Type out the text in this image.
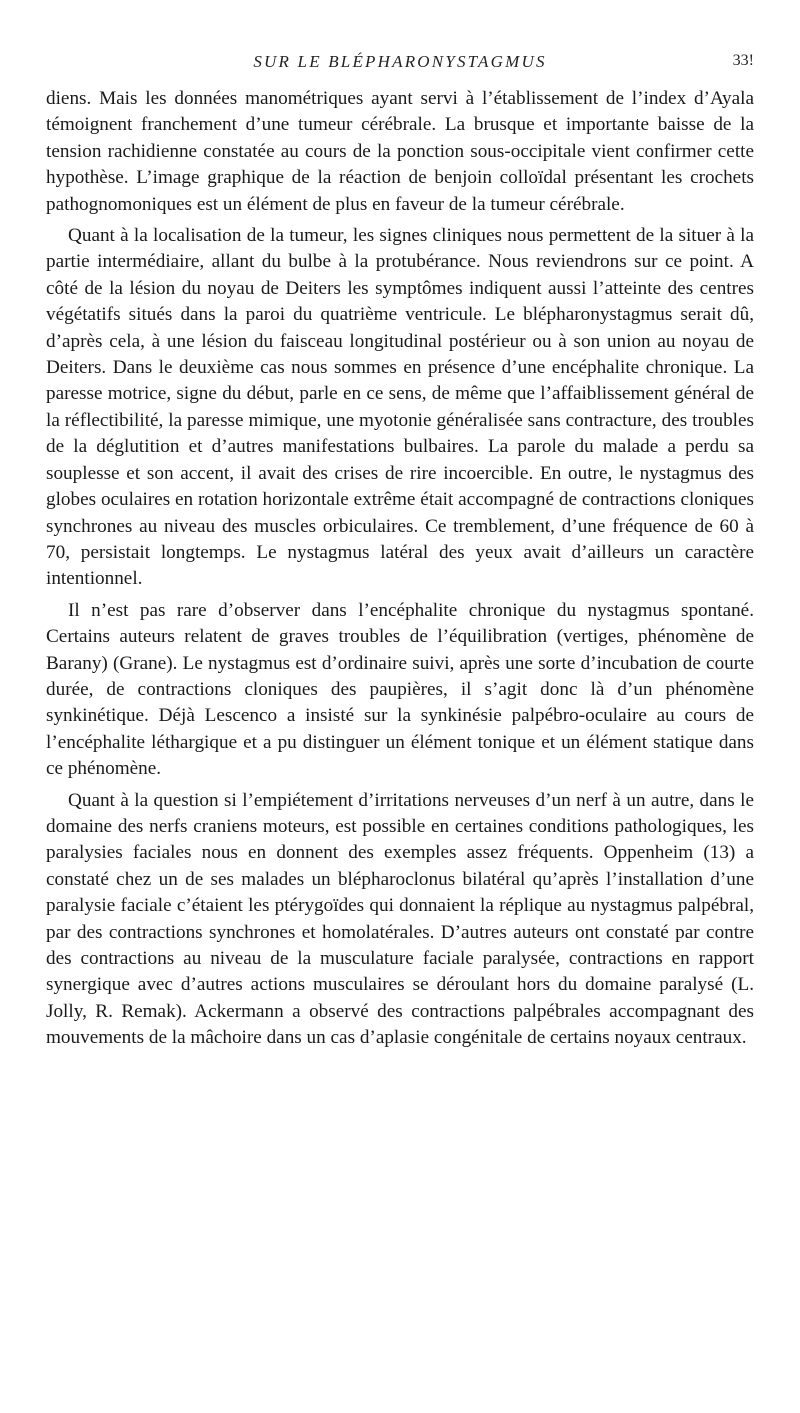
SUR LE BLÉPHARONYSTAGMUS	33!

diens. Mais les données manométriques ayant servi à l’établissement de l’index d’Ayala témoignent franchement d’une tumeur cérébrale. La brusque et importante baisse de la tension rachidienne constatée au cours de la ponction sous-occipitale vient confirmer cette hypothèse. L’image graphique de la réaction de benjoin colloïdal présentant les crochets pathognomoniques est un élément de plus en faveur de la tumeur cérébrale.

Quant à la localisation de la tumeur, les signes cliniques nous permettent de la situer à la partie intermédiaire, allant du bulbe à la protubérance. Nous reviendrons sur ce point. A côté de la lésion du noyau de Deiters les symptômes indiquent aussi l’atteinte des centres végétatifs situés dans la paroi du quatrième ventricule. Le blépharonystagmus serait dû, d’après cela, à une lésion du faisceau longitudinal postérieur ou à son union au noyau de Deiters. Dans le deuxième cas nous sommes en présence d’une encéphalite chronique. La paresse motrice, signe du début, parle en ce sens, de même que l’affaiblissement général de la réflectibilité, la paresse mimique, une myotonie généralisée sans contracture, des troubles de la déglutition et d’autres manifestations bulbaires. La parole du malade a perdu sa souplesse et son accent, il avait des crises de rire incoercible. En outre, le nystagmus des globes oculaires en rotation horizontale extrême était accompagné de contractions cloniques synchrones au niveau des muscles orbiculaires. Ce tremblement, d’une fréquence de 60 à 70, persistait longtemps. Le nystagmus latéral des yeux avait d’ailleurs un caractère intentionnel.

Il n’est pas rare d’observer dans l’encéphalite chronique du nystagmus spontané. Certains auteurs relatent de graves troubles de l’équilibration (vertiges, phénomène de Barany) (Grane). Le nystagmus est d’ordinaire suivi, après une sorte d’incubation de courte durée, de contractions cloniques des paupières, il s’agit donc là d’un phénomène synkinétique. Déjà Lescenco a insisté sur la synkinésie palpébro-oculaire au cours de l’encéphalite léthargique et a pu distinguer un élément tonique et un élément statique dans ce phénomène.

Quant à la question si l’empiétement d’irritations nerveuses d’un nerf à un autre, dans le domaine des nerfs craniens moteurs, est possible en certaines conditions pathologiques, les paralysies faciales nous en donnent des exemples assez fréquents. Oppenheim (13) a constaté chez un de ses malades un blépharoclonus bilatéral qu’après l’installation d’une paralysie faciale c’étaient les ptérygoïdes qui donnaient la réplique au nystagmus palpébral, par des contractions synchrones et homolatérales. D’autres auteurs ont constaté par contre des contractions au niveau de la musculature faciale paralysée, contractions en rapport synergique avec d’autres actions musculaires se déroulant hors du domaine paralysé (L. Jolly, R. Remak). Ackermann a observé des contractions palpébrales accompagnant des mouvements de la mâchoire dans un cas d’aplasie congénitale de certains noyaux centraux.
